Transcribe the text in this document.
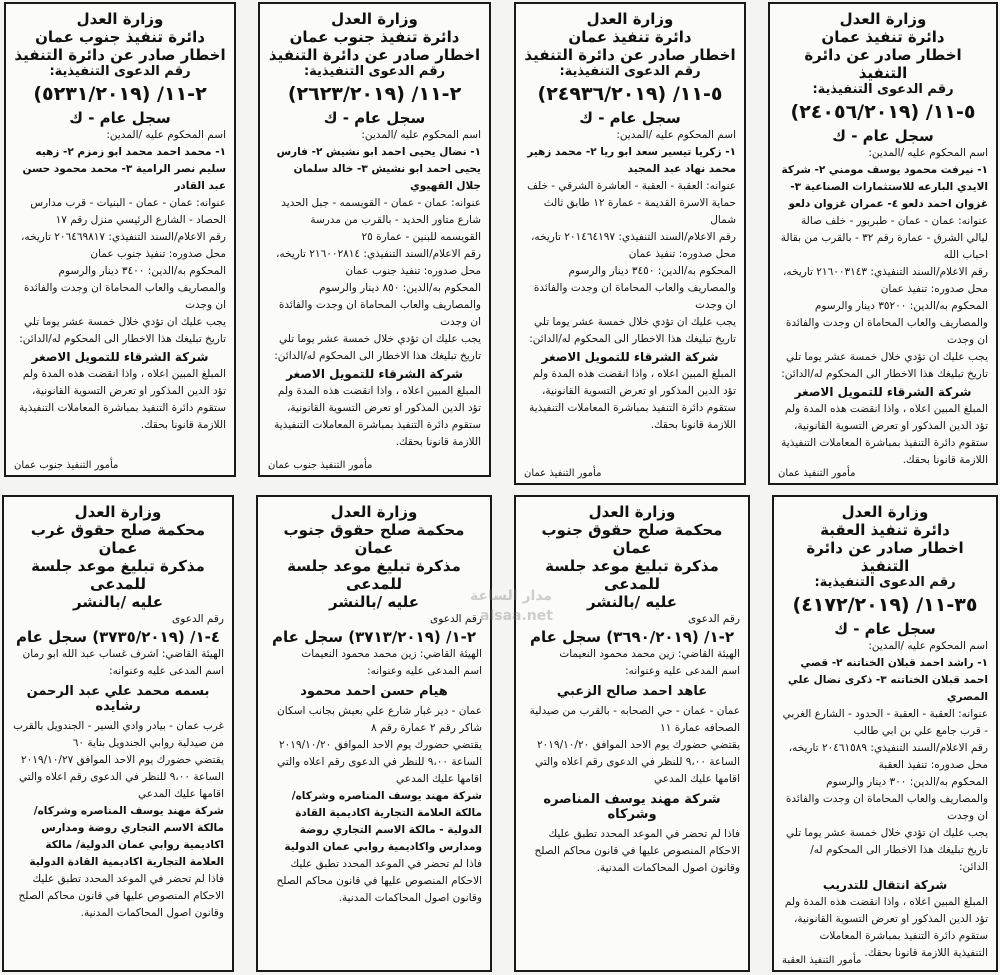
وزارة العدل
دائرة تنفيذ عمان
اخطار صادر عن دائرة التنفيذ
رقم الدعوى التنفيذية:
٥-١١/ (٢٤٠٥٦/٢٠١٩)
سجل عام - ك

اسم المحكوم عليه /المدين:

١- نيرفت محمود يوسف مومني ٢- شركة الايدي البارعه للاستثمارات الصناعية ٣- غزوان احمد دلعو ٤- عمران غزوان دلعو

عنوانه: عمان - عمان - طبربور - خلف صالة ليالي الشرق - عمارة رقم ٣٢ - بالقرب من بقالة احباب الله

رقم الاعلام/السند التنفيذي: ٢١٦٠٠٣١٤٣ تاريخه،

محل صدوره: تنفيذ عمان

المحكوم به/الدين: ٣٥٢٠٠ دينار والرسوم والمصاريف والعاب المحاماة ان وجدت والفائدة ان وجدت

يجب عليك ان تؤدي خلال خمسة عشر يوما تلي تاريخ تبليغك هذا الاخطار الى المحكوم له/الدائن:

شركة الشرقاء للتمويل الاصغر

المبلغ المبين اعلاه ، واذا انقضت هذه المدة ولم تؤد الدين المذكور او تعرض التسوية القانونية، ستقوم دائرة التنفيذ بمباشرة المعاملات التنفيذية اللازمة قانونا بحقك.

مأمور التنفيذ عمان
وزارة العدل
دائرة تنفيذ عمان
اخطار صادر عن دائرة التنفيذ
رقم الدعوى التنفيذية:
٥-١١/ (٢٤٩٣٦/٢٠١٩)
سجل عام - ك

اسم المحكوم عليه /المدين:

١- زكريا تيسير سعد ابو ريا ٢- محمد زهير محمد نهاد عبد المجيد

عنوانه: العقبة - العقبة - العاشرة الشرقي - خلف حماية الاسرة القديمة - عمارة ١٢ طابق ثالث شمال

رقم الاعلام/السند التنفيذي: ٢٠١٤٦٤١٩٧ تاريخه،

محل صدوره: تنفيذ عمان

المحكوم به/الدين: ٣٤٥٠ دينار والرسوم والمصاريف والعاب المحاماة ان وجدت والفائدة ان وجدت

يجب عليك ان تؤدي خلال خمسة عشر يوما تلي تاريخ تبليغك هذا الاخطار الى المحكوم له/الدائن:

شركة الشرقاء للتمويل الاصغر

المبلغ المبين اعلاه ، واذا انقضت هذه المدة ولم تؤد الدين المذكور او تعرض التسوية القانونية، ستقوم دائرة التنفيذ بمباشرة المعاملات التنفيذية اللازمة قانونا بحقك.

مأمور التنفيذ عمان
وزارة العدل
دائرة تنفيذ جنوب عمان
اخطار صادر عن دائرة التنفيذ
رقم الدعوى التنفيذية:
٢-١١/ (٢٦٢٣/٢٠١٩)
سجل عام - ك

اسم المحكوم عليه /المدين:

١- نضال يحيى احمد ابو نشيش ٢- فارس يحيى احمد ابو نشيش ٣- خالد سلمان جلال القهيوي

عنوانه: عمان - عمان - القويسمه - جبل الحديد شارع متاور الحديد - بالقرب من مدرسة القويسمه للبنين - عمارة ٢٥

رقم الاعلام/السند التنفيذي: ٢١٦٠٠٢٨١٤ تاريخه،

محل صدوره: تنفيذ جنوب عمان

المحكوم به/الدين: ٨٥٠ دينار والرسوم والمصاريف والعاب المحاماة ان وجدت والفائدة ان وجدت

يجب عليك ان تؤدي خلال خمسة عشر يوما تلي تاريخ تبليغك هذا الاخطار الى المحكوم له/الدائن:

شركة الشرقاء للتمويل الاصغر

المبلغ المبين اعلاه ، واذا انقضت هذه المدة ولم تؤد الدين المذكور او تعرض التسوية القانونية، ستقوم دائرة التنفيذ بمباشرة المعاملات التنفيذية اللازمة قانونا بحقك.

مأمور التنفيذ جنوب عمان
وزارة العدل
دائرة تنفيذ جنوب عمان
اخطار صادر عن دائرة التنفيذ
رقم الدعوى التنفيذية:
٢-١١/ (٥٢٣١/٢٠١٩)
سجل عام - ك

اسم المحكوم عليه /المدين:

١- محمد احمد محمد ابو زمزم ٢- زهيه سليم نصر الرامية ٣- محمد محمود حسن عبد القادر

عنوانه: عمان - عمان - البنيات - قرب مدارس الحصاد - الشارع الرئيسي منزل رقم ١٧

رقم الاعلام/السند التنفيذي: ٢٠٦٤٦٩٨١٧ تاريخه،

محل صدوره: تنفيذ جنوب عمان

المحكوم به/الدين: ٣٤٠٠ دينار والرسوم والمصاريف والعاب المحاماة ان وجدت والفائدة ان وجدت

يجب عليك ان تؤدي خلال خمسة عشر يوما تلي تاريخ تبليغك هذا الاخطار الى المحكوم له/الدائن:

شركة الشرقاء للتمويل الاصغر

المبلغ المبين اعلاه ، واذا انقضت هذه المدة ولم تؤد الدين المذكور او تعرض التسوية القانونية، ستقوم دائرة التنفيذ بمباشرة المعاملات التنفيذية اللازمة قانونا بحقك.

مأمور التنفيذ جنوب عمان
وزارة العدل
دائرة تنفيذ العقبة
اخطار صادر عن دائرة التنفيذ
رقم الدعوى التنفيذية:
٣٥-١١/ (٤١٧٢/٢٠١٩)
سجل عام - ك

اسم المحكوم عليه /المدين:

١- راشد احمد قبلان الخناتنه ٢- قصي احمد قبلان الخناتنه ٣- ذكرى نضال علي المصري

عنوانه: العقبة - العقبة - الحدود - الشارع الغربي - قرب جامع علي بن ابي طالب

رقم الاعلام/السند التنفيذي: ٢٠٤٦١٥٨٩ تاريخه،

محل صدوره: تنفيذ العقبة

المحكوم به/الدين: ٣٠٠ دينار والرسوم والمصاريف والعاب المحاماة ان وجدت والفائدة ان وجدت

يجب عليك ان تؤدي خلال خمسة عشر يوما تلي تاريخ تبليغك هذا الاخطار الى المحكوم له/الدائن:

شركة انتقال للتدريب

المبلغ المبين اعلاه ، واذا انقضت هذه المدة ولم تؤد الدين المذكور او تعرض التسوية القانونية، ستقوم دائرة التنفيذ بمباشرة المعاملات التنفيذية اللازمة قانونا بحقك.

مأمور التنفيذ العقبة
وزارة العدل
محكمة صلح حقوق جنوب عمان
مذكرة تبليغ موعد جلسة للمدعى
عليه /بالنشر

رقم الدعوى

٢-١/ (٣٦٩٠/٢٠١٩) سجل عام

الهيئة القاضي: زين محمد محمود النعيمات

اسم المدعى عليه وعنوانه:

عاهد احمد صالح الزعبي

عمان - عمان - حي الصحابه - بالقرب من صيدلية الصحافه عمارة ١١

يقتضي حضورك يوم الاحد الموافق ٢٠١٩/١٠/٢٠ الساعة ٩،٠٠ للنظر في الدعوى رقم اعلاه والتي اقامها عليك المدعي

شركة مهند يوسف المناصره وشركاه

فاذا لم تحضر في الموعد المحدد تطبق عليك الاحكام المنصوص عليها في قانون محاكم الصلح وقانون اصول المحاكمات المدنية.

وزارة العدل
محكمة صلح حقوق جنوب عمان
مذكرة تبليغ موعد جلسة للمدعى
عليه /بالنشر

رقم الدعوى

٢-١/ (٣٧١٣/٢٠١٩) سجل عام

الهيئة القاضي: زين محمد محمود النعيمات

اسم المدعى عليه وعنوانه:

هيام حسن احمد محمود

عمان - دير غبار شارع علي بعيش بجانب اسكان شاكر رقم ٢ عمارة رقم ٨

يقتضي حضورك يوم الاحد الموافق ٢٠١٩/١٠/٢٠ الساعة ٩،٠٠ للنظر في الدعوى رقم اعلاه والتي اقامها عليك المدعي

شركة مهند يوسف المناصره وشركاه/ مالكة العلامة التجارية اكاديمية القادة الدولية - مالكة الاسم التجاري روضة ومدارس واكاديمية روابي عمان الدولية

فاذا لم تحضر في الموعد المحدد تطبق عليك الاحكام المنصوص عليها في قانون محاكم الصلح وقانون اصول المحاكمات المدنية.

وزارة العدل
محكمة صلح حقوق غرب عمان
مذكرة تبليغ موعد جلسة للمدعى
عليه /بالنشر

رقم الدعوى

٤-١/ (٣٧٣٥/٢٠١٩) سجل عام

الهيئة القاضي: اشرف غساب عبد الله ابو رمان

اسم المدعى عليه وعنوانه:

بسمه محمد علي عبد الرحمن رشايده

غرب عمان - بيادر وادي السير - الجندويل بالقرب من صيدلية روابي الجندويل بناية ٦٠

يقتضي حضورك يوم الاحد الموافق ٢٠١٩/١٠/٢٧ الساعة ٩،٠٠ للنظر في الدعوى رقم اعلاه والتي اقامها عليك المدعي

شركة مهند يوسف المناصره وشركاه/ مالكة الاسم التجاري روضة ومدارس اكاديمية روابي عمان الدولية/ مالكة العلامة التجارية اكاديمية القادة الدولية

فاذا لم تحضر في الموعد المحدد تطبق عليك الاحكام المنصوص عليها في قانون محاكم الصلح وقانون اصول المحاكمات المدنية.

مدار الساعة
alsaa.net
